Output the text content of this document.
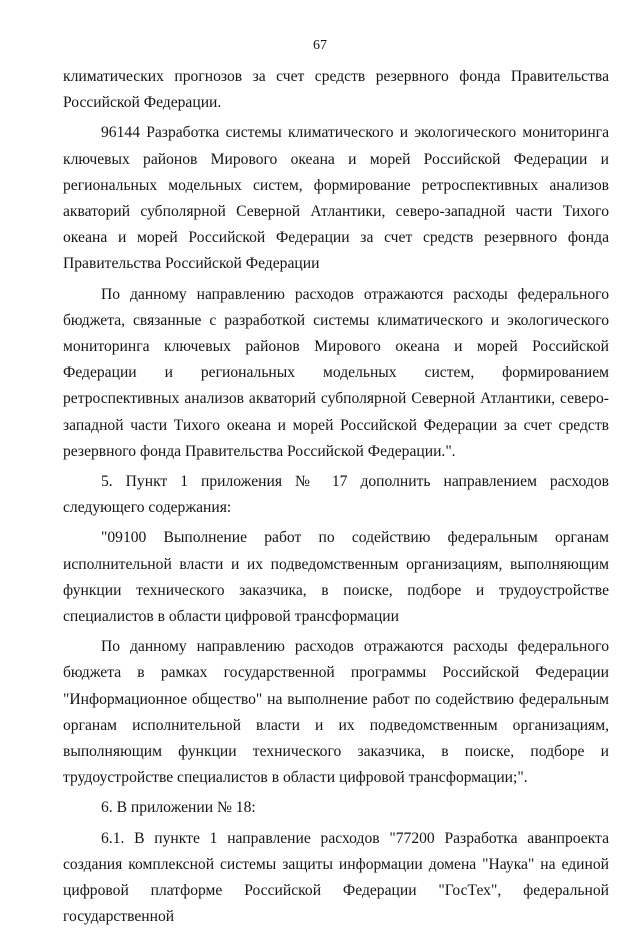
67

климатических прогнозов за счет средств резервного фонда Правительства Российской Федерации.

96144 Разработка системы климатического и экологического мониторинга ключевых районов Мирового океана и морей Российской Федерации и региональных модельных систем, формирование ретроспективных анализов акваторий субполярной Северной Атлантики, северо-западной части Тихого океана и морей Российской Федерации за счет средств резервного фонда Правительства Российской Федерации

По данному направлению расходов отражаются расходы федерального бюджета, связанные с разработкой системы климатического и экологического мониторинга ключевых районов Мирового океана и морей Российской Федерации и региональных модельных систем, формированием ретроспективных анализов акваторий субполярной Северной Атлантики, северо-западной части Тихого океана и морей Российской Федерации за счет средств резервного фонда Правительства Российской Федерации.".

5. Пункт 1 приложения № 17 дополнить направлением расходов следующего содержания:

"09100 Выполнение работ по содействию федеральным органам исполнительной власти и их подведомственным организациям, выполняющим функции технического заказчика, в поиске, подборе и трудоустройстве специалистов в области цифровой трансформации

По данному направлению расходов отражаются расходы федерального бюджета в рамках государственной программы Российской Федерации "Информационное общество" на выполнение работ по содействию федеральным органам исполнительной власти и их подведомственным организациям, выполняющим функции технического заказчика, в поиске, подборе и трудоустройстве специалистов в области цифровой трансформации;".

6. В приложении № 18:

6.1. В пункте 1 направление расходов "77200 Разработка аванпроекта создания комплексной системы защиты информации домена "Наука" на единой цифровой платформе Российской Федерации "ГосТех", федеральной государственной
